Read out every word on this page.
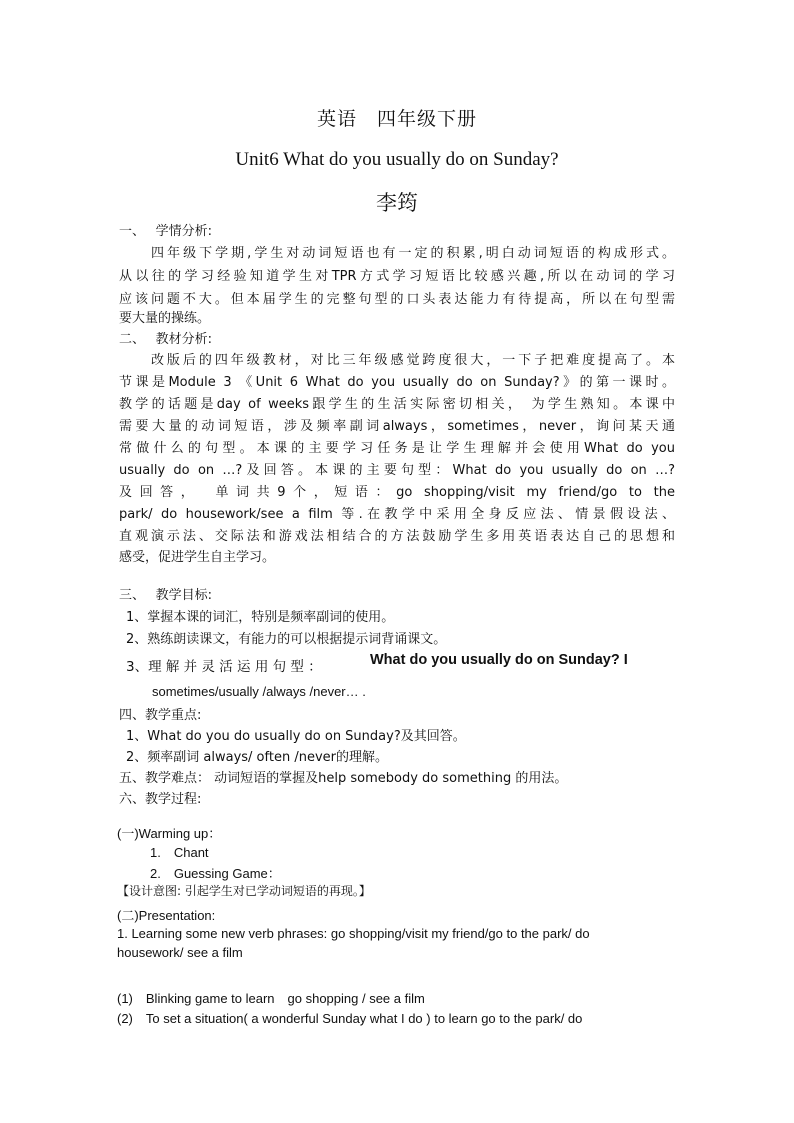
英语　四年级下册
Unit6 What do you usually do on Sunday?
李筠
一、　 学情分析:
　　四年级下学期,学生对动词短语也有一定的积累,明白动词短语的构成形式。
从以往的学习经验知道学生对TPR方式学习短语比较感兴趣,所以在动词的学习
应该问题不大。但本届学生的完整句型的口头表达能力有待提高，所以在句型需
要大量的操练。
二、　 教材分析:
　　改版后的四年级教材，对比三年级感觉跨度很大，一下子把难度提高了。本
节课是Module 3 《Unit 6 What do you usually do on Sunday?》的第一课时。
教学的话题是day of weeks跟学生的生活实际密切相关， 为学生熟知。本课中
需要大量的动词短语，涉及频率副词always，sometimes，never，询问某天通
常做什么的句型。本课的主要学习任务是让学生理解并会使用What do you
usually do on …?及回答。本课的主要句型：What do you usually do on …?
及回答，　单词共9个，短语：go shopping/visit my friend/go to the
park/ do housework/see a film 等.在教学中采用全身反应法、情景假设法、
直观演示法、交际法和游戏法相结合的方法鼓励学生多用英语表达自己的思想和
感受，促进学生自主学习。
三、　 教学目标:
1、掌握本课的词汇，特别是频率副词的使用。
2、熟练朗读课文，有能力的可以根据提示词背诵课文。
3、理 解 并 灵 活 运 用 句 型 ：	What do you usually do on Sunday? I
sometimes/usually /always /never… .
四、教学重点:
1、What do you do usually do on Sunday?及其回答。
2、频率副词 always/ often /never的理解。
五、教学难点： 动词短语的掌握及help somebody do something 的用法。
六、教学过程:
(一)Warming up：
1.　Chant
2.　Guessing Game：
【设计意图: 引起学生对已学动词短语的再现。】
(二)Presentation:
1. Learning some new verb phrases: go shopping/visit my friend/go to the park/ do
housework/ see a film
(1)　Blinking game to learn　go shopping / see a film
(2)　To set a situation( a wonderful Sunday what I do ) to learn go to the park/ do
